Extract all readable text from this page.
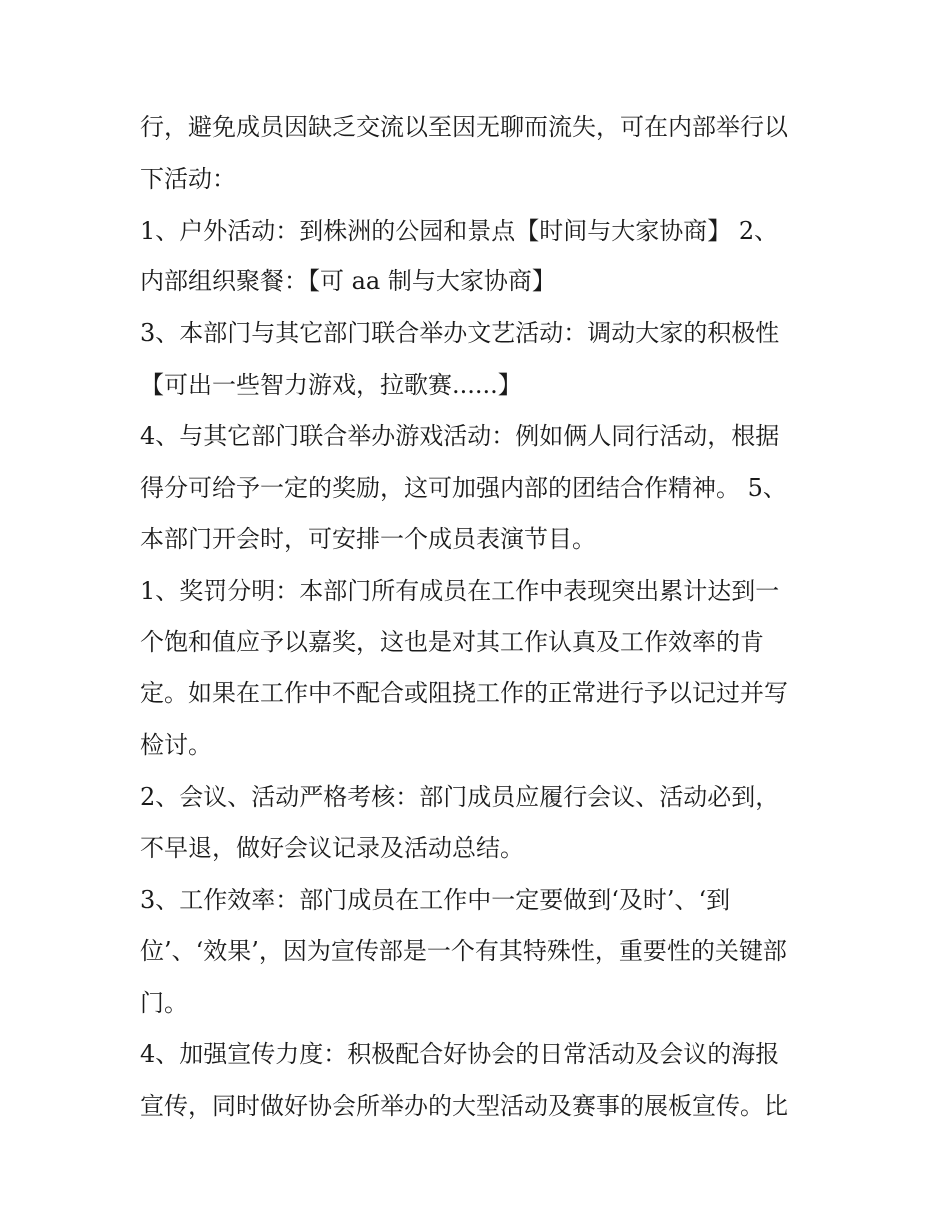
行，避免成员因缺乏交流以至因无聊而流失，可在内部举行以
下活动：
1、户外活动：到株洲的公园和景点【时间与大家协商】 2、
内部组织聚餐：【可 aa 制与大家协商】
3、本部门与其它部门联合举办文艺活动：调动大家的积极性
【可出一些智力游戏，拉歌赛......】
4、与其它部门联合举办游戏活动：例如俩人同行活动，根据
得分可给予一定的奖励，这可加强内部的团结合作精神。 5、
本部门开会时，可安排一个成员表演节目。
1、奖罚分明：本部门所有成员在工作中表现突出累计达到一
个饱和值应予以嘉奖，这也是对其工作认真及工作效率的肯
定。如果在工作中不配合或阻挠工作的正常进行予以记过并写
检讨。
2、会议、活动严格考核：部门成员应履行会议、活动必到，
不早退，做好会议记录及活动总结。
3、工作效率：部门成员在工作中一定要做到‘及时’、‘到
位’、‘效果’，因为宣传部是一个有其特殊性，重要性的关键部
门。
4、加强宣传力度：积极配合好协会的日常活动及会议的海报
宣传，同时做好协会所举办的大型活动及赛事的展板宣传。比
